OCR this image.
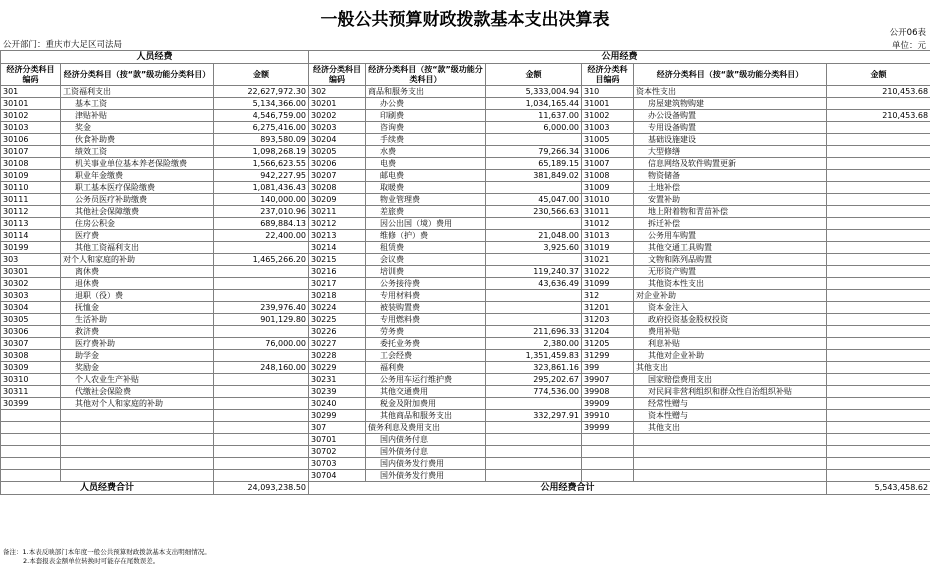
一般公共预算财政拨款基本支出决算表
公开06表
公开部门：重庆市大足区司法局	单位：元
人员经费			公用经费					
经济分类科目编码	经济分类科目（按“款”级功能分类科目）	金额	经济分类科目编码	经济分类科目（按“款”级功能分类科目）	金额	经济分类科目编码	经济分类科目（按“款”级功能分类科目）	金额
301	工资福利支出	22,627,972.30	302	商品和服务支出	5,333,004.94	310	资本性支出	210,453.68
30101	基本工资	5,134,366.00	30201	办公费	1,034,165.44	31001	房屋建筑物购建	
30102	津贴补贴	4,546,759.00	30202	印刷费	11,637.00	31002	办公设备购置	210,453.68
30103	奖金	6,275,416.00	30203	咨询费	6,000.00	31003	专用设备购置	
30106	伙食补助费	893,580.09	30204	手续费		31005	基础设施建设	
30107	绩效工资	1,098,268.19	30205	水费	79,266.34	31006	大型修缮	
30108	机关事业单位基本养老保险缴费	1,566,623.55	30206	电费	65,189.15	31007	信息网络及软件购置更新	
30109	职业年金缴费	942,227.95	30207	邮电费	381,849.02	31008	物资储备	
30110	职工基本医疗保险缴费	1,081,436.43	30208	取暖费		31009	土地补偿	
30111	公务员医疗补助缴费	140,000.00	30209	物业管理费	45,047.00	31010	安置补助	
30112	其他社会保障缴费	237,010.96	30211	差旅费	230,566.63	31011	地上附着物和青苗补偿	
30113	住房公积金	689,884.13	30212	因公出国（境）费用		31012	拆迁补偿	
30114	医疗费	22,400.00	30213	维修（护）费	21,048.00	31013	公务用车购置	
30199	其他工资福利支出		30214	租赁费	3,925.60	31019	其他交通工具购置	
303	对个人和家庭的补助	1,465,266.20	30215	会议费		31021	文物和陈列品购置	
30301	离休费		30216	培训费	119,240.37	31022	无形资产购置	
30302	退休费		30217	公务接待费	43,636.49	31099	其他资本性支出	
30303	退职（役）费		30218	专用材料费		312	对企业补助	
30304	抚恤金	239,976.40	30224	被装购置费		31201	资本金注入	
30305	生活补助	901,129.80	30225	专用燃料费		31203	政府投资基金股权投资	
30306	救济费		30226	劳务费	211,696.33	31204	费用补贴	
30307	医疗费补助	76,000.00	30227	委托业务费	2,380.00	31205	利息补贴	
30308	助学金		30228	工会经费	1,351,459.83	31299	其他对企业补助	
30309	奖励金	248,160.00	30229	福利费	323,861.16	399	其他支出	
30310	个人农业生产补贴		30231	公务用车运行维护费	295,202.67	39907	国家赔偿费用支出	
30311	代缴社会保险费		30239	其他交通费用	774,536.00	39908	对民间非营利组织和群众性自治组织补贴	
30399	其他对个人和家庭的补助		30240	税金及附加费用		39909	经常性赠与	
			30299	其他商品和服务支出	332,297.91	39910	资本性赠与	
			307	债务利息及费用支出		39999	其他支出	
			30701	国内债务付息				
			30702	国外债务付息				
			30703	国内债务发行费用				
			30704	国外债务发行费用				
人员经费合计		24,093,238.50	公用经费合计					5,543,458.62
备注：1.本表反映部门本年度一般公共预算财政拨款基本支出明细情况。
2.本套报表金额单位转换时可能存在尾数误差。
